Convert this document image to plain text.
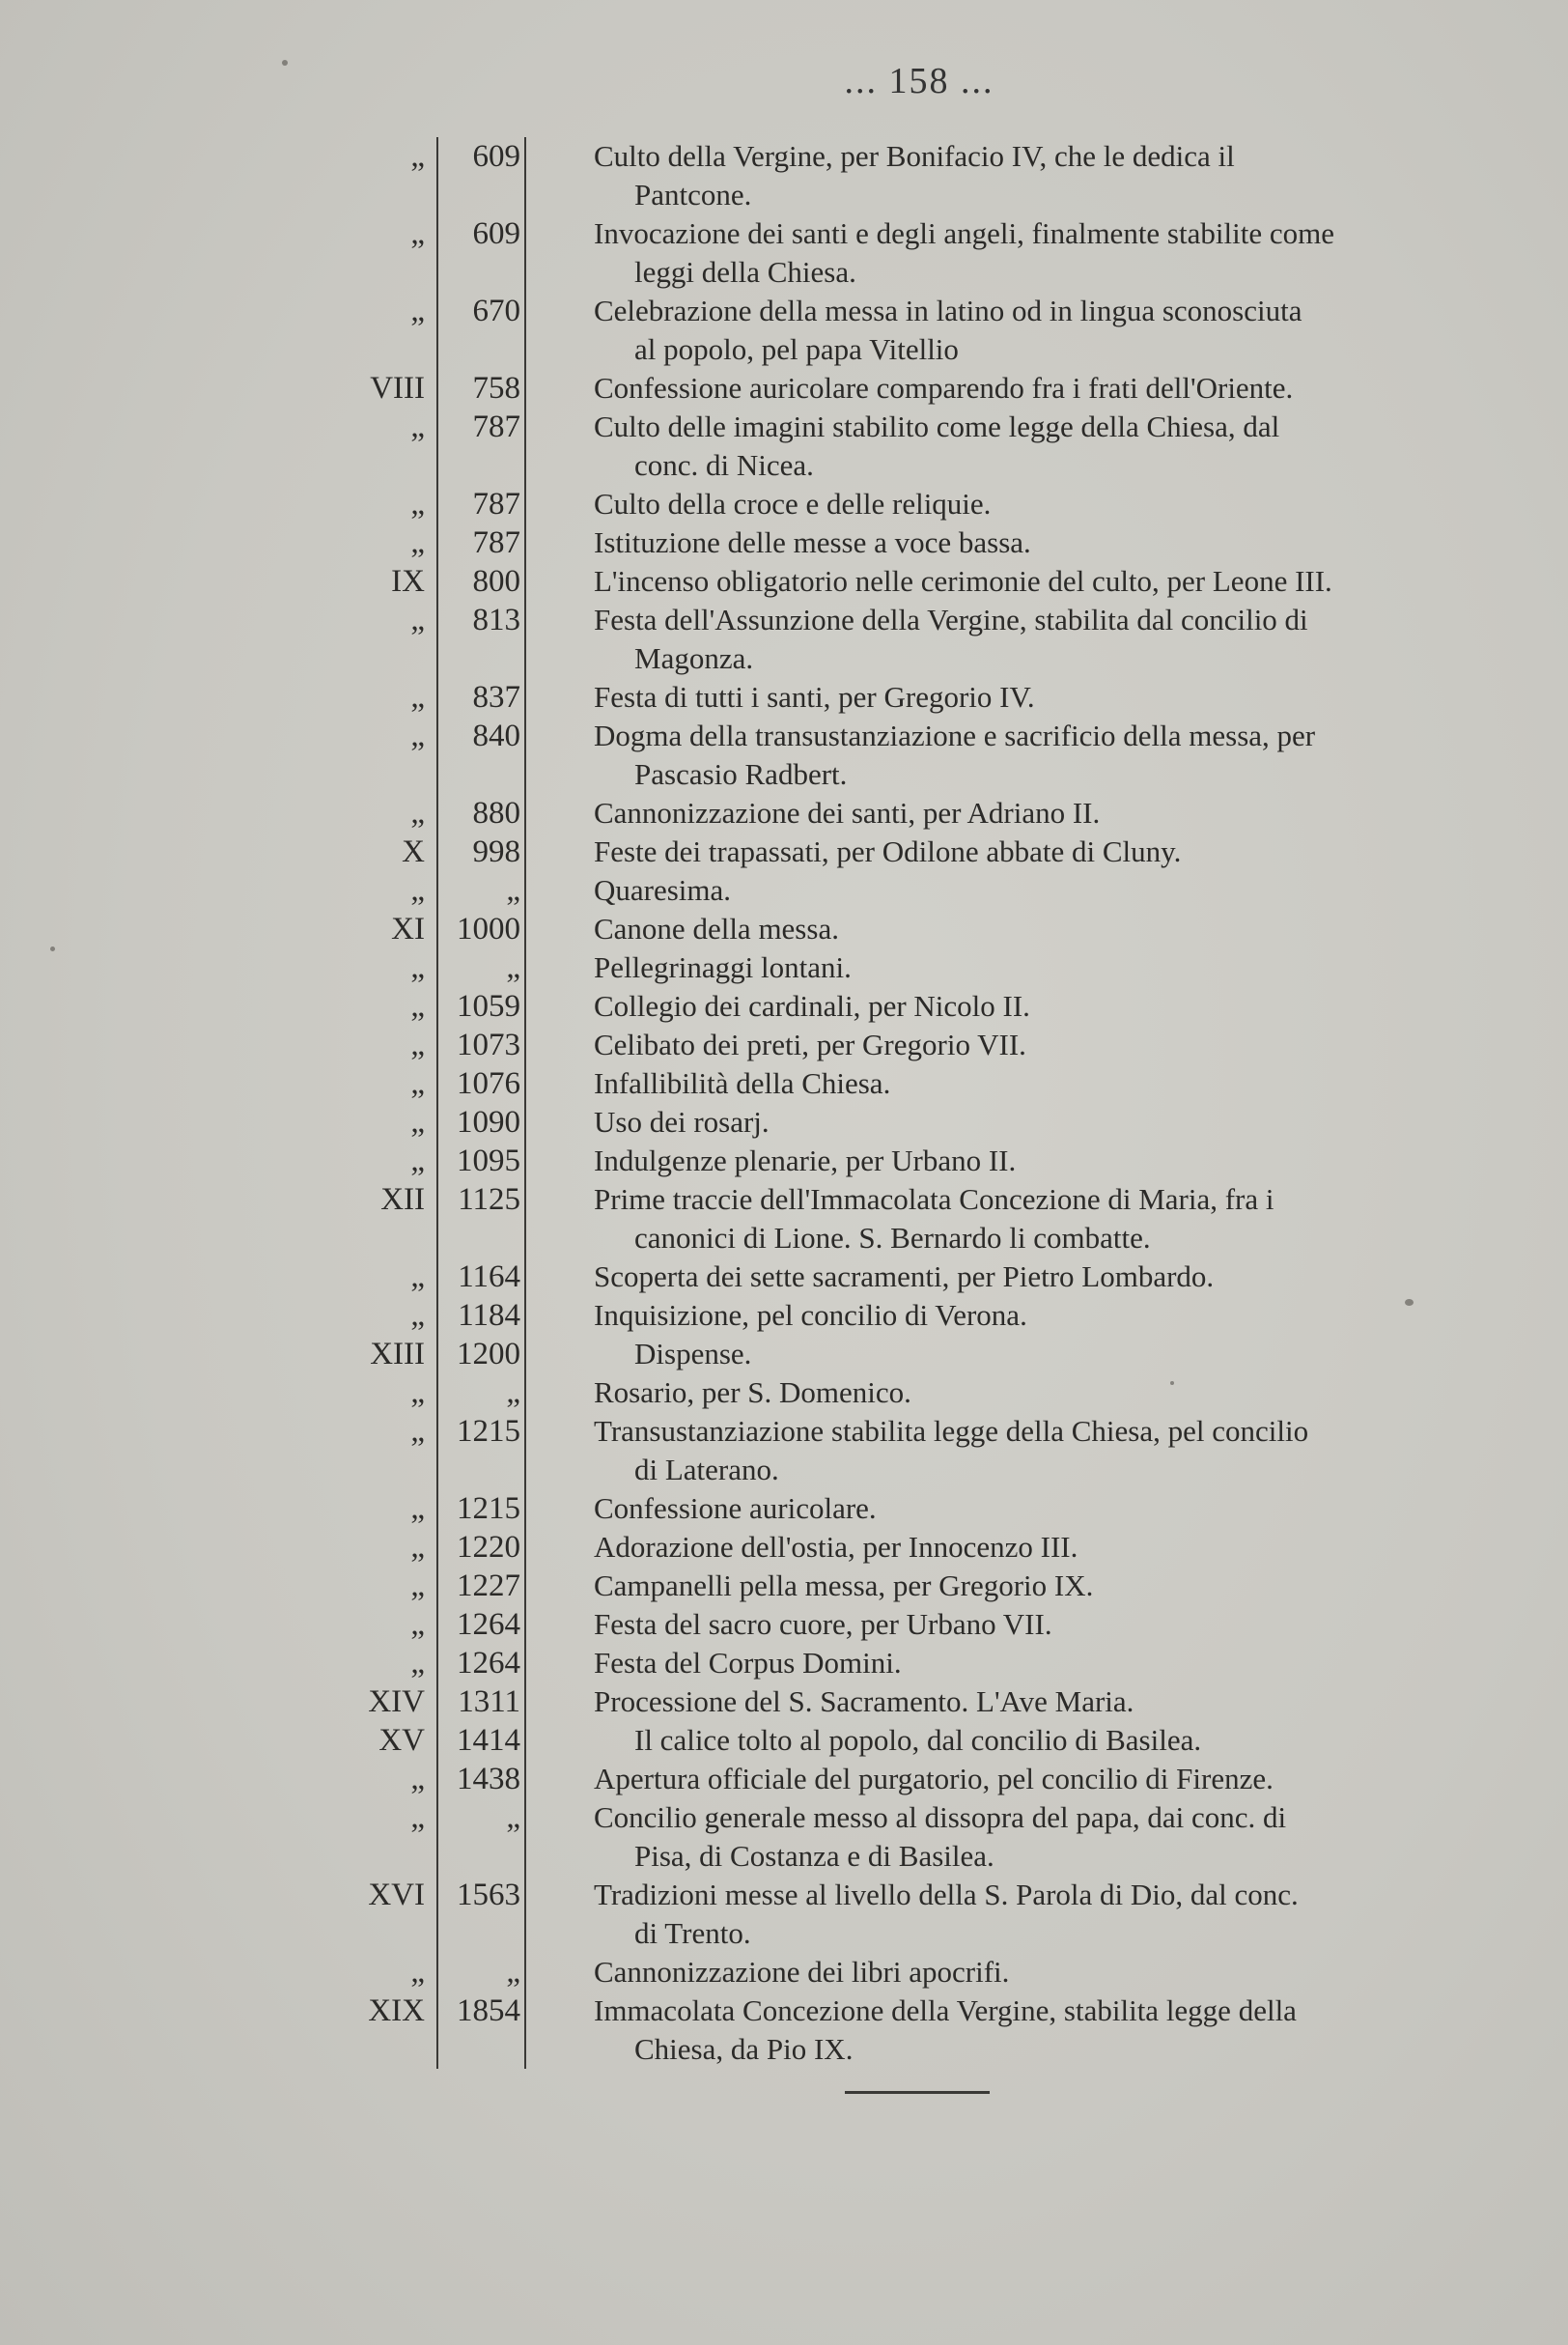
... 158 ...
„	609 Culto della Vergine, per Bonifacio IV, che le dedica il
Pantcone.
„	609 Invocazione dei santi e degli angeli, finalmente stabilite come
leggi della Chiesa.
„	670 Celebrazione della messa in latino od in lingua sconosciuta
al popolo, pel papa Vitellio
VIII	758 Confessione auricolare comparendo fra i frati dell'Oriente.
„	787 Culto delle imagini stabilito come legge della Chiesa, dal
conc. di Nicea.
„	787 Culto della croce e delle reliquie.
„	787 Istituzione delle messe a voce bassa.
IX	800 L'incenso obligatorio nelle cerimonie del culto, per Leone III.
„	813 Festa dell'Assunzione della Vergine, stabilita dal concilio di
Magonza.
„	837 Festa di tutti i santi, per Gregorio IV.
„	840 Dogma della transustanziazione e sacrificio della messa, per
Pascasio Radbert.
„	880 Cannonizzazione dei santi, per Adriano II.
X	998 Feste dei trapassati, per Odilone abbate di Cluny.
„	„ Quaresima.
XI	1000 Canone della messa.
„	„ Pellegrinaggi lontani.
„	1059 Collegio dei cardinali, per Nicolo II.
„	1073 Celibato dei preti, per Gregorio VII.
„	1076 Infallibilità della Chiesa.
„	1090 Uso dei rosarj.
„	1095 Indulgenze plenarie, per Urbano II.
XII	1125 Prime traccie dell'Immacolata Concezione di Maria, fra i
canonici di Lione. S. Bernardo li combatte.
„	1164 Scoperta dei sette sacramenti, per Pietro Lombardo.
„	1184 Inquisizione, pel concilio di Verona.
XIII	1200	Dispense.
„	„ Rosario, per S. Domenico.
„	1215 Transustanziazione stabilita legge della Chiesa, pel concilio
di Laterano.
„	1215 Confessione auricolare.
„	1220 Adorazione dell'ostia, per Innocenzo III.
„	1227 Campanelli pella messa, per Gregorio IX.
„	1264 Festa del sacro cuore, per Urbano VII.
„	1264 Festa del Corpus Domini.
XIV	1311 Processione del S. Sacramento. L'Ave Maria.
XV	1414	Il calice tolto al popolo, dal concilio di Basilea.
„	1438 Apertura officiale del purgatorio, pel concilio di Firenze.
„	„ Concilio generale messo al dissopra del papa, dai conc. di
Pisa, di Costanza e di Basilea.
XVI	1563 Tradizioni messe al livello della S. Parola di Dio, dal conc.
di Trento.
„	„ Cannonizzazione dei libri apocrifi.
XIX	1854 Immacolata Concezione della Vergine, stabilita legge della
Chiesa, da Pio IX.
